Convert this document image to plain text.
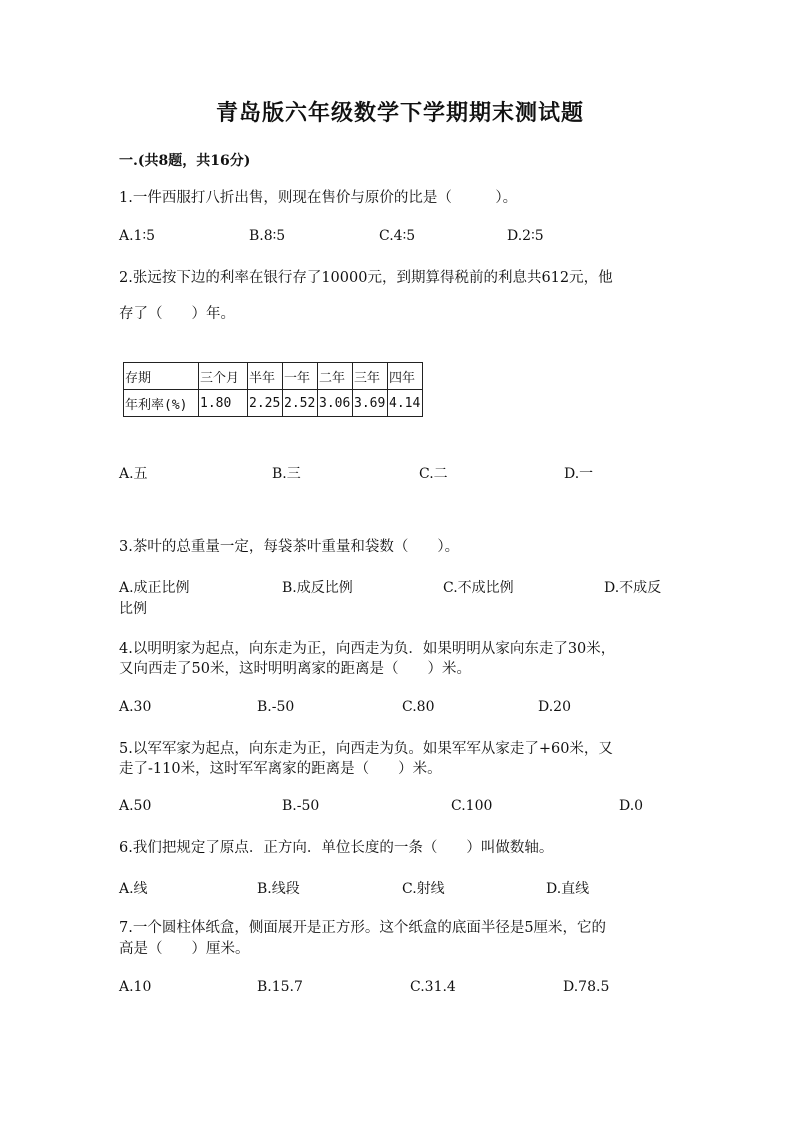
青岛版六年级数学下学期期末测试题
一.(共8题，共16分)
1.一件西服打八折出售，则现在售价与原价的比是（　　　）。
A.1∶5	B.8∶5	C.4∶5	D.2∶5
2.张远按下边的利率在银行存了10000元，到期算得税前的利息共612元，他
存了（　　）年。
存期	三个月	半年	一年	二年	三年	四年
年利率(%)	1.80	2.25	2.52	3.06	3.69	4.14
A.五	B.三	C.二	D.一
3.茶叶的总重量一定，每袋茶叶重量和袋数（　　）。
A.成正比例	B.成反比例	C.不成比例	D.不成反
比例
4.以明明家为起点，向东走为正，向西走为负．如果明明从家向东走了30米，
又向西走了50米，这时明明离家的距离是（　　）米。
A.30	B.-50	C.80	D.20
5.以军军家为起点，向东走为正，向西走为负。如果军军从家走了+60米，又
走了-110米，这时军军离家的距离是（　　）米。
A.50	B.-50	C.100	D.0
6.我们把规定了原点．正方向．单位长度的一条（　　）叫做数轴。
A.线	B.线段	C.射线	D.直线
7.一个圆柱体纸盒，侧面展开是正方形。这个纸盒的底面半径是5厘米，它的
高是（　　）厘米。
A.10	B.15.7	C.31.4	D.78.5
